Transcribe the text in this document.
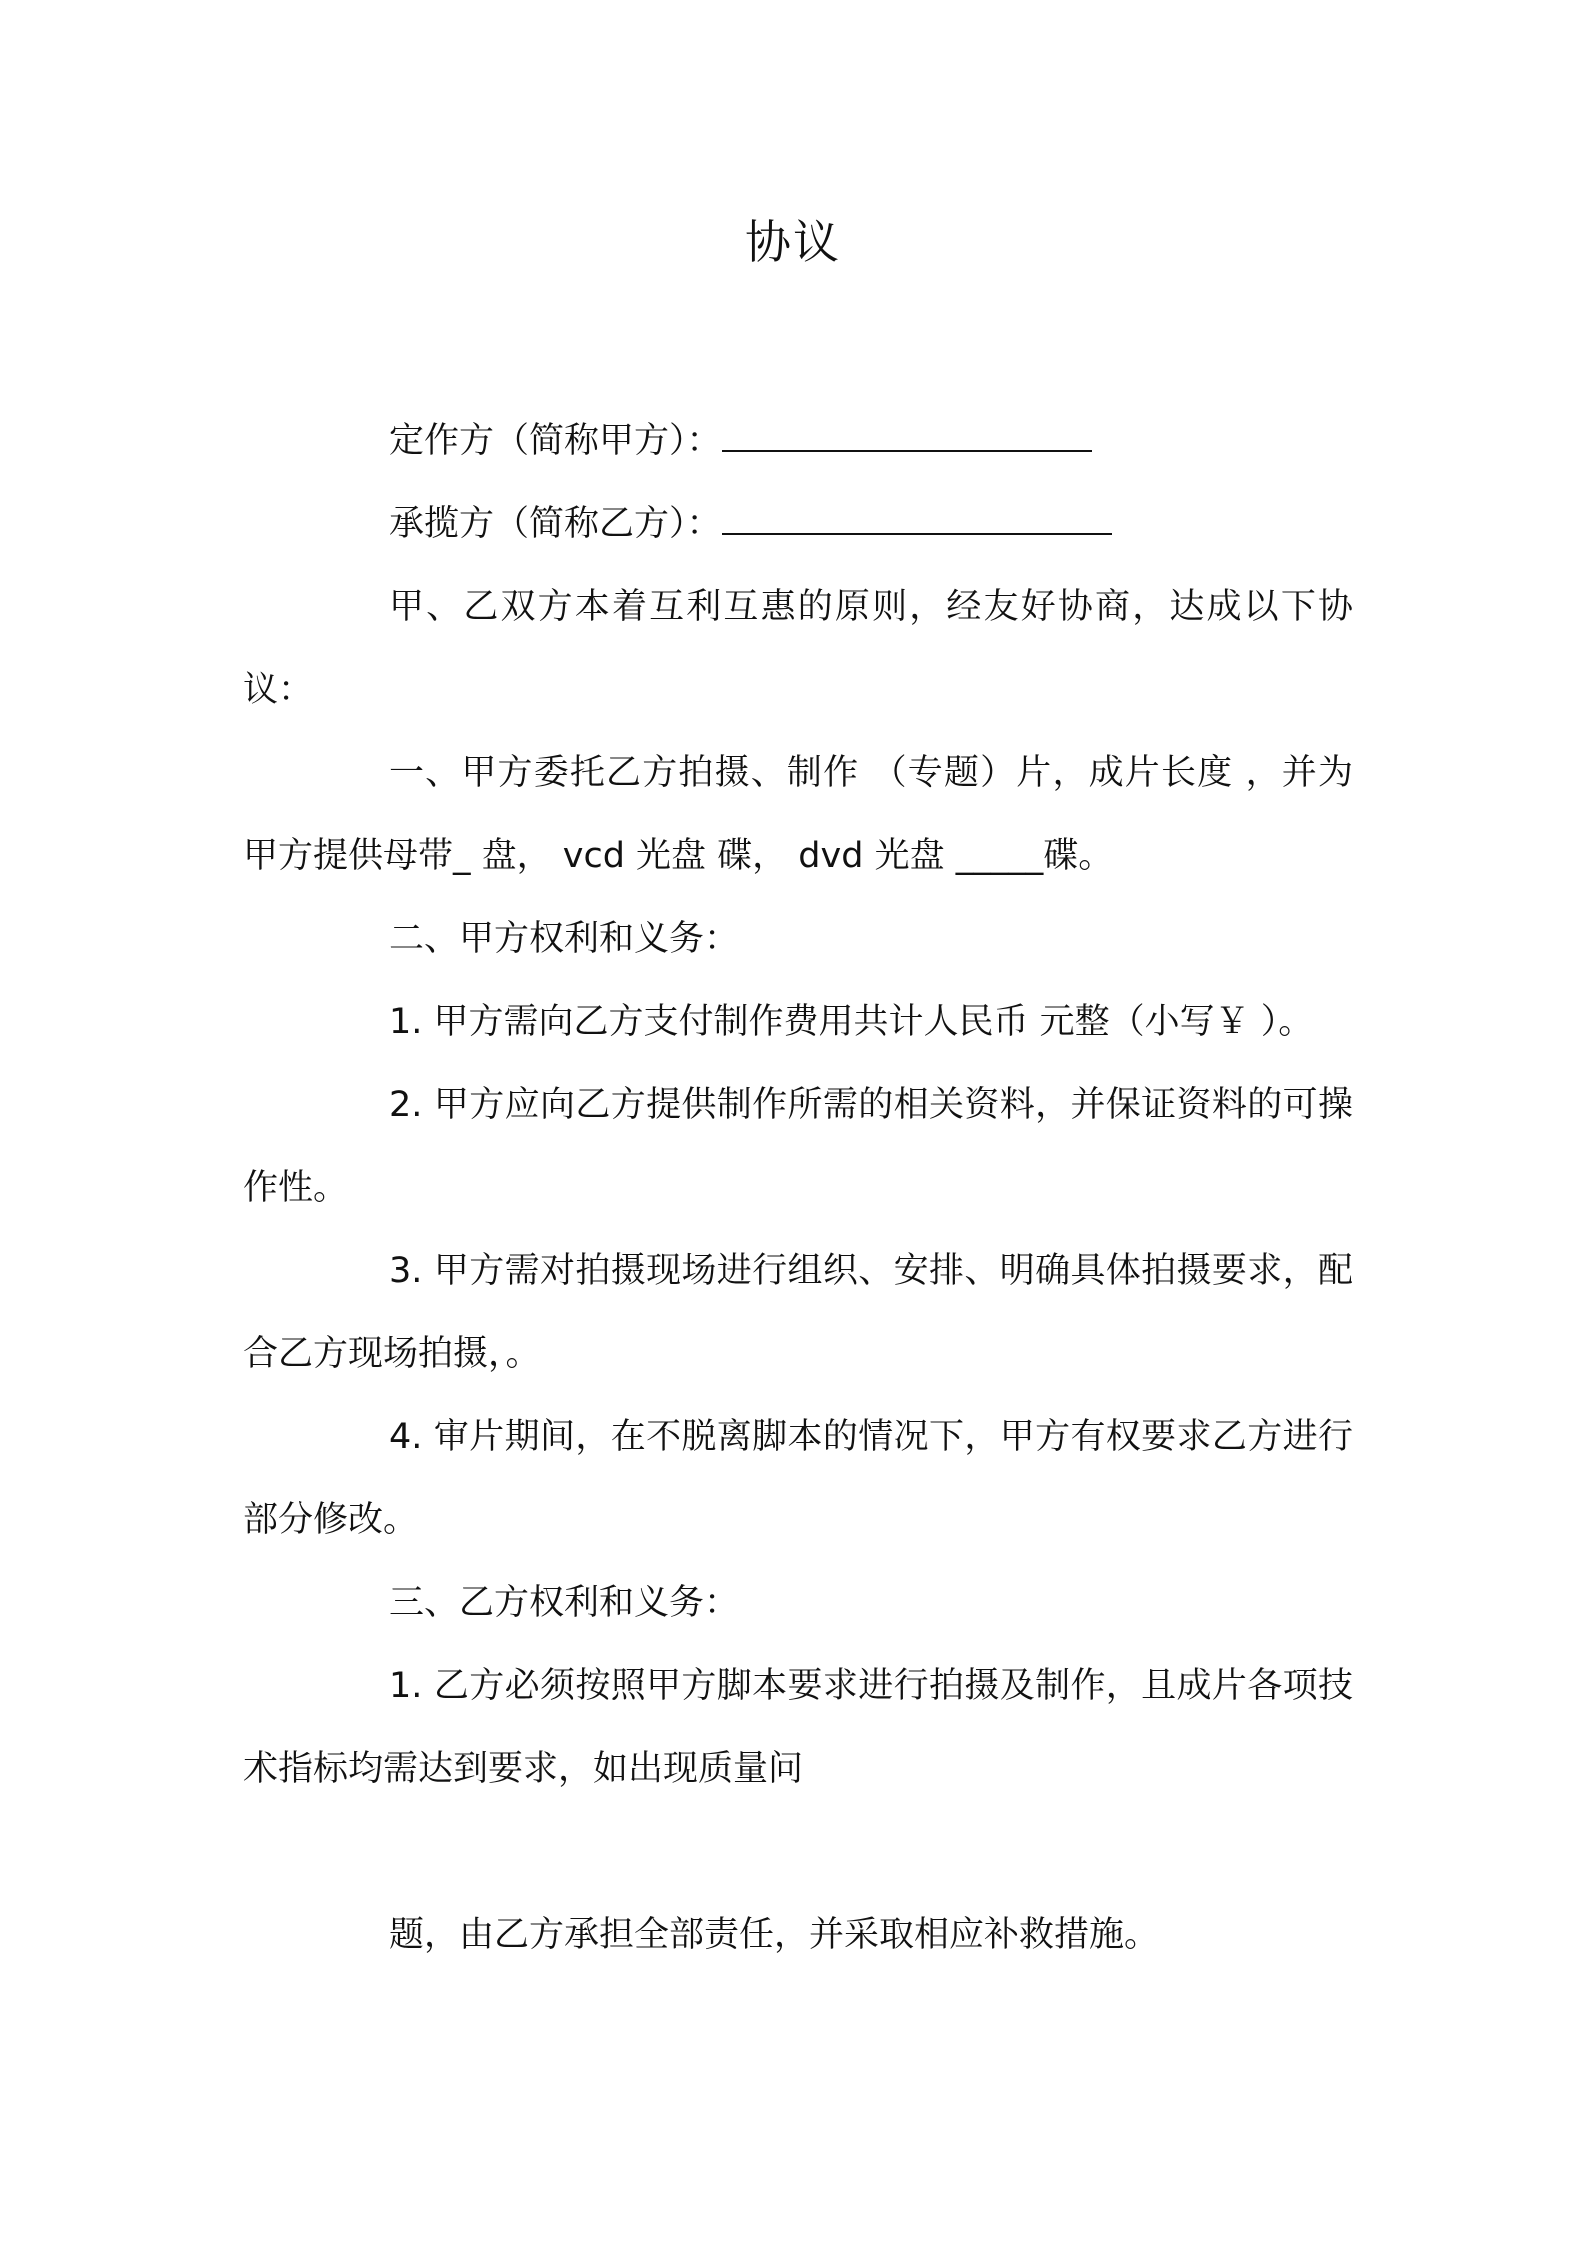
协议

定作方（简称甲方）：

承揽方（简称乙方）：

甲、乙双方本着互利互惠的原则，经友好协商，达成以下协议：

一、甲方委托乙方拍摄、制作 （专题）片，成片长度 ，并为甲方提供母带_ 盘， vcd 光盘 碟， dvd 光盘 _____碟。

二、甲方权利和义务：

1. 甲方需向乙方支付制作费用共计人民币 元整（小写￥ ）。

2. 甲方应向乙方提供制作所需的相关资料，并保证资料的可操作性。

3. 甲方需对拍摄现场进行组织、安排、明确具体拍摄要求，配合乙方现场拍摄，。

4. 审片期间，在不脱离脚本的情况下，甲方有权要求乙方进行部分修改。

三、乙方权利和义务：

1. 乙方必须按照甲方脚本要求进行拍摄及制作，且成片各项技术指标均需达到要求，如出现质量问

题，由乙方承担全部责任，并采取相应补救措施。
